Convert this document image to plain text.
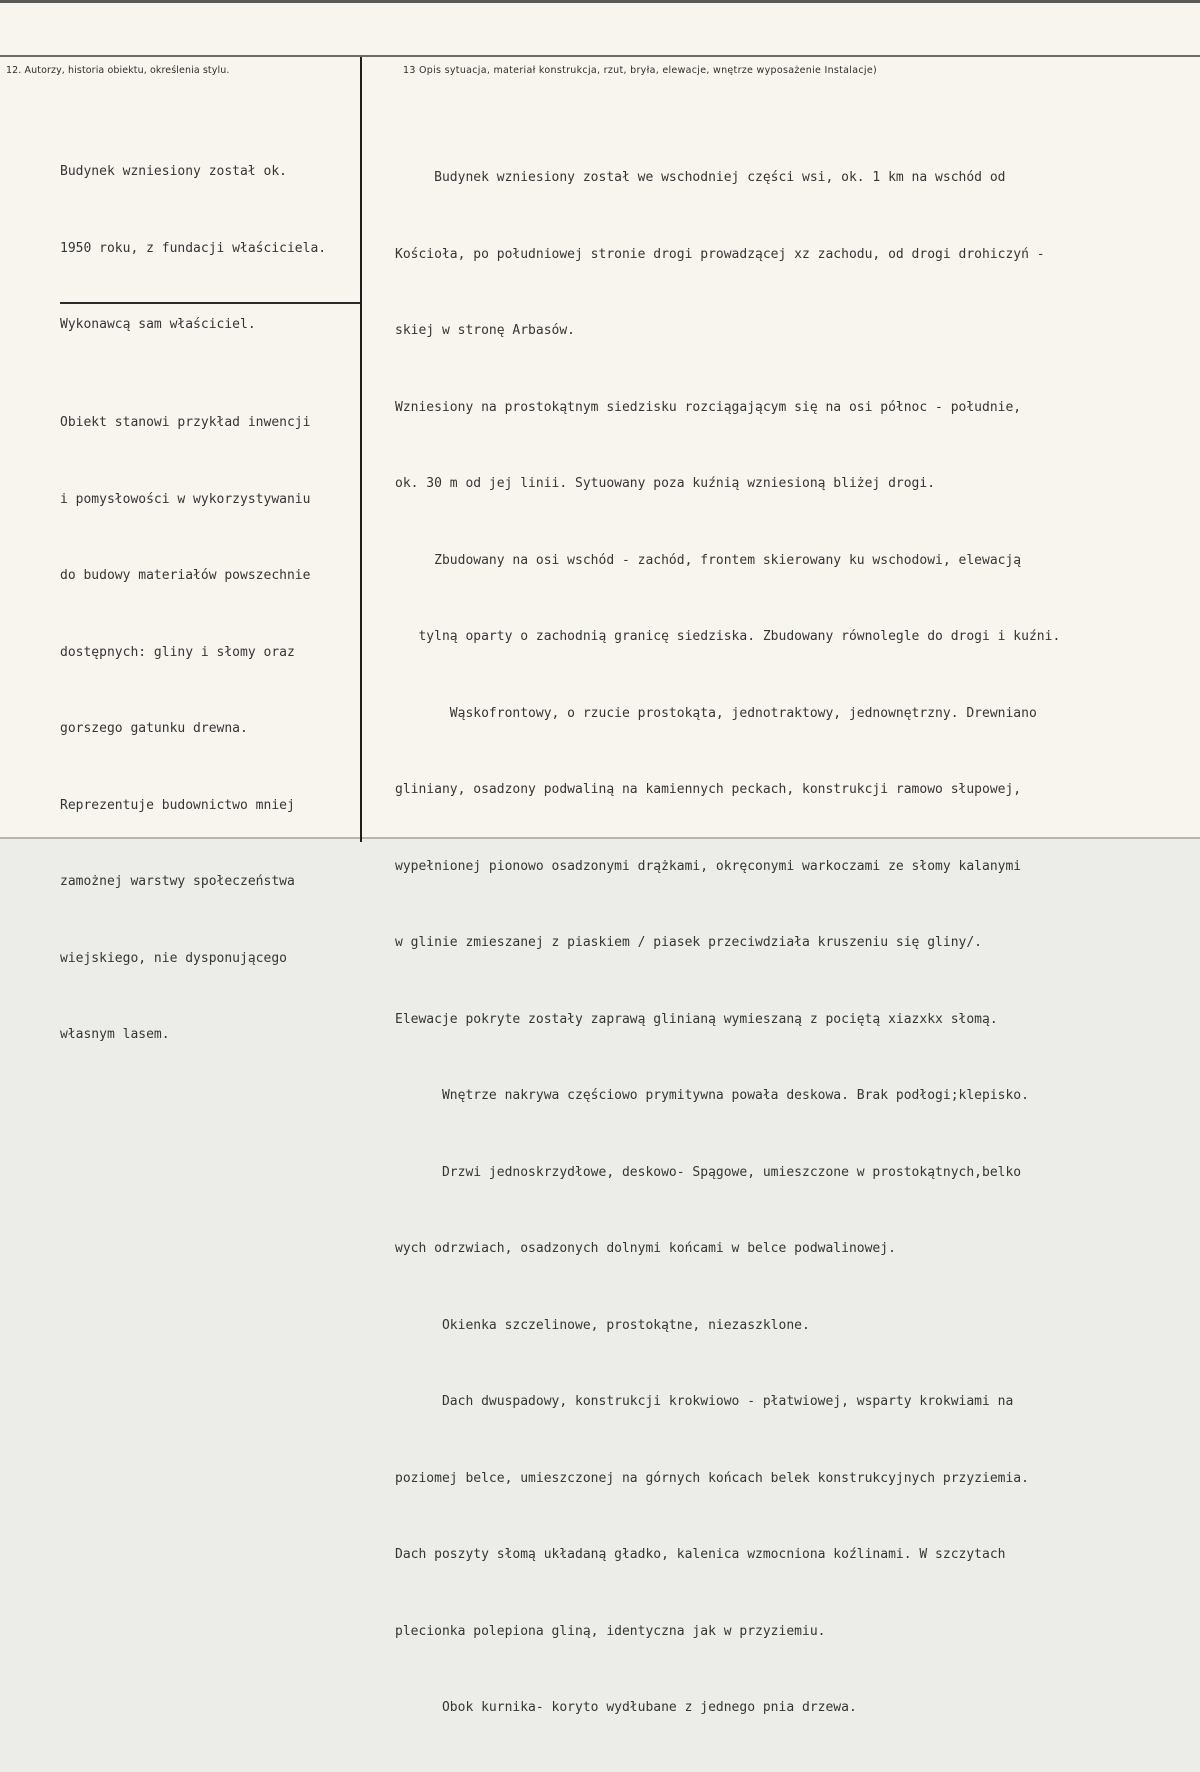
12. Autorzy, historia obiektu, określenia stylu.	13 Opis sytuacja, materiał konstrukcja, rzut, bryła, elewacje, wnętrze wyposażenie Instalacje)

Budynek wzniesiony został ok.

1950 roku, z fundacji właściciela.

Wykonawcą sam właściciel.

Obiekt stanowi przykład inwencji

i pomysłowości w wykorzystywaniu

do budowy materiałów powszechnie

dostępnych: gliny i słomy oraz

gorszego gatunku drewna.

Reprezentuje budownictwo mniej

zamożnej warstwy społeczeństwa

wiejskiego, nie dysponującego

własnym lasem.

Budynek wzniesiony został we wschodniej części wsi, ok. 1 km na wschód od

Kościoła, po południowej stronie drogi prowadzącej xz zachodu, od drogi drohiczyń -

skiej w stronę Arbasów.

Wzniesiony na prostokątnym siedzisku rozciągającym się na osi północ - południe,

ok. 30 m od jej linii. Sytuowany poza kuźnią wzniesioną bliżej drogi.

Zbudowany na osi wschód - zachód, frontem skierowany ku wschodowi, elewacją

tylną oparty o zachodnią granicę siedziska. Zbudowany równolegle do drogi i kuźni.

Wąskofrontowy, o rzucie prostokąta, jednotraktowy, jednownętrzny. Drewniano

gliniany, osadzony podwaliną na kamiennych peckach, konstrukcji ramowo słupowej,

wypełnionej pionowo osadzonymi drążkami, okręconymi warkoczami ze słomy kalanymi

w glinie zmieszanej z piaskiem / piasek przeciwdziała kruszeniu się gliny/.

Elewacje pokryte zostały zaprawą glinianą wymieszaną z pociętą xiazxkx słomą.

Wnętrze nakrywa częściowo prymitywna powała deskowa. Brak podłogi;klepisko.

Drzwi jednoskrzydłowe, deskowo- Spągowe, umieszczone w prostokątnych,belko

wych odrzwiach, osadzonych dolnymi końcami w belce podwalinowej.

Okienka szczelinowe, prostokątne, niezaszklone.

Dach dwuspadowy, konstrukcji krokwiowo - płatwiowej, wsparty krokwiami na

poziomej belce, umieszczonej na górnych końcach belek konstrukcyjnych przyziemia.

Dach poszyty słomą układaną gładko, kalenica wzmocniona koźlinami. W szczytach

plecionka polepiona gliną, identyczna jak w przyziemiu.

Obok kurnika- koryto wydłubane z jednego pnia drzewa.
